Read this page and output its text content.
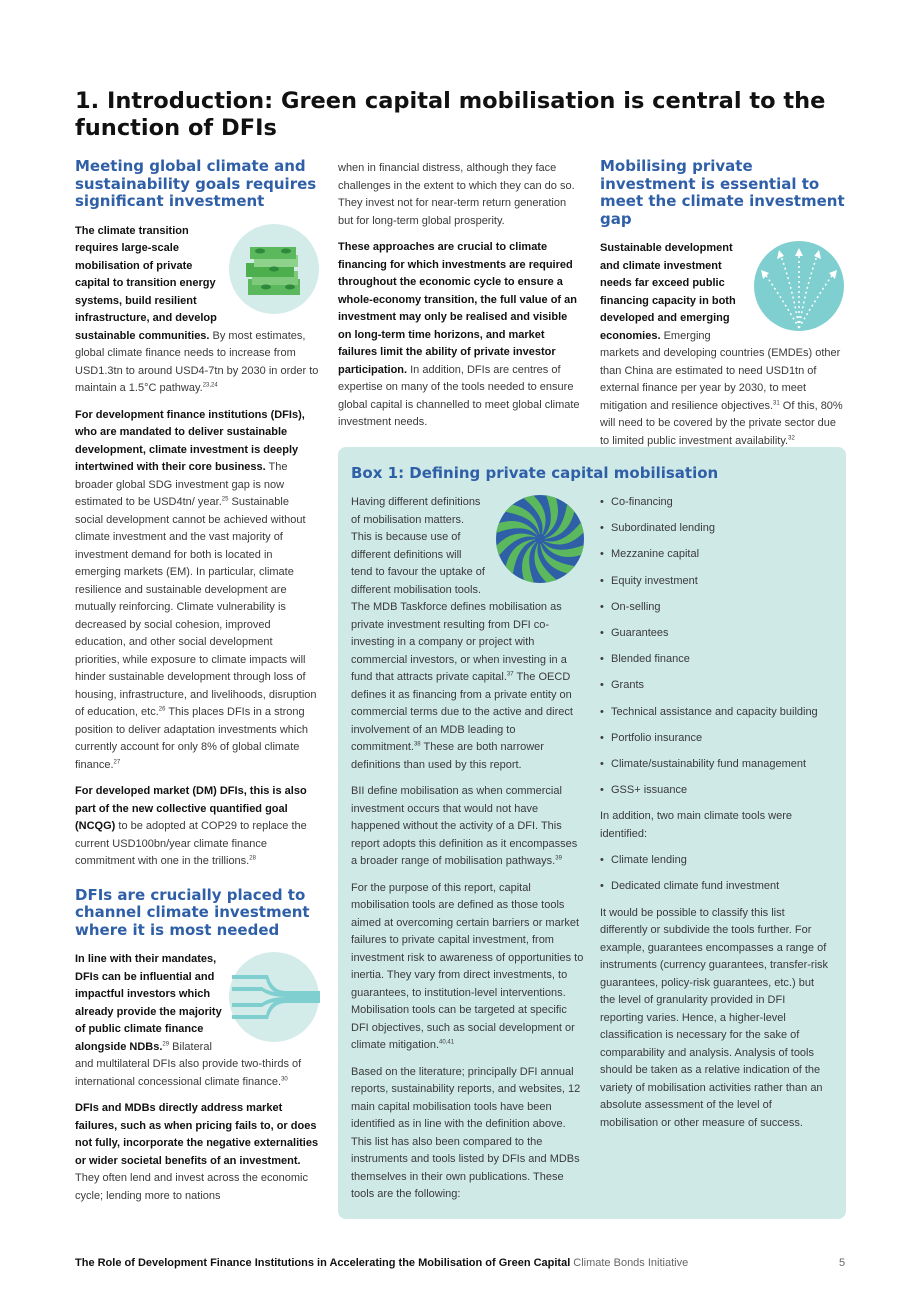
1. Introduction: Green capital mobilisation is central to the function of DFIs
Meeting global climate and sustainability goals requires significant investment

The climate transition requires large-scale mobilisation of private capital to transition energy systems, build resilient infrastructure, and develop sustainable communities. By most estimates, global climate finance needs to increase from USD1.3tn to around USD4-7tn by 2030 in order to maintain a 1.5°C pathway.$^{23,24}$

For development finance institutions (DFIs), who are mandated to deliver sustainable development, climate investment is deeply intertwined with their core business. The broader global SDG investment gap is now estimated to be USD4tn/ year.$^{25}$ Sustainable social development cannot be achieved without climate investment and the vast majority of investment demand for both is located in emerging markets (EM). In particular, climate resilience and sustainable development are mutually reinforcing. Climate vulnerability is decreased by social cohesion, improved education, and other social development priorities, while exposure to climate impacts will hinder sustainable development through loss of housing, infrastructure, and livelihoods, disruption of education, etc.$^{26}$ This places DFIs in a strong position to deliver adaptation investments which currently account for only 8% of global climate finance.$^{27}$

For developed market (DM) DFIs, this is also part of the new collective quantified goal (NCQG) to be adopted at COP29 to replace the current USD100bn/year climate finance commitment with one in the trillions.$^{28}$

DFIs are crucially placed to channel climate investment where it is most needed

In line with their mandates, DFIs can be influential and impactful investors which already provide the majority of public climate finance alongside NDBs.$^{29}$ Bilateral and multilateral DFIs also provide two-thirds of international concessional climate finance.$^{30}$

DFIs and MDBs directly address market failures, such as when pricing fails to, or does not fully, incorporate the negative externalities or wider societal benefits of an investment. They often lend and invest across the economic cycle; lending more to nations

when in financial distress, although they face challenges in the extent to which they can do so. They invest not for near-term return generation but for long-term global prosperity.

These approaches are crucial to climate financing for which investments are required throughout the economic cycle to ensure a whole-economy transition, the full value of an investment may only be realised and visible on long-term time horizons, and market failures limit the ability of private investor participation. In addition, DFIs are centres of expertise on many of the tools needed to ensure global capital is channelled to meet global climate investment needs.

Mobilising private investment is essential to meet the climate investment gap

Sustainable development and climate investment needs far exceed public financing capacity in both developed and emerging economies. Emerging markets and developing countries (EMDEs) other than China are estimated to need USD1tn of external finance per year by 2030, to meet mitigation and resilience objectives.$^{31}$ Of this, 80% will need to be covered by the private sector due to limited public investment availability.$^{32}$

Box 1: Defining private capital mobilisation

Having different definitions of mobilisation matters. This is because use of different definitions will tend to favour the uptake of different mobilisation tools. The MDB Taskforce defines mobilisation as private investment resulting from DFI co-investing in a company or project with commercial investors, or when investing in a fund that attracts private capital.$^{37}$ The OECD defines it as financing from a private entity on commercial terms due to the active and direct involvement of an MDB leading to commitment.$^{38}$ These are both narrower definitions than used by this report.

BII define mobilisation as when commercial investment occurs that would not have happened without the activity of a DFI. This report adopts this definition as it encompasses a broader range of mobilisation pathways.$^{39}$

For the purpose of this report, capital mobilisation tools are defined as those tools aimed at overcoming certain barriers or market failures to private capital investment, from investment risk to awareness of opportunities to inertia. They vary from direct investments, to guarantees, to institution-level interventions. Mobilisation tools can be targeted at specific DFI objectives, such as social development or climate mitigation.$^{40,41}$

Based on the literature; principally DFI annual reports, sustainability reports, and websites, 12 main capital mobilisation tools have been identified as in line with the definition above. This list has also been compared to the instruments and tools listed by DFIs and MDBs themselves in their own publications. These tools are the following:

• Co-financing
• Subordinated lending
• Mezzanine capital
• Equity investment
• On-selling
• Guarantees
• Blended finance
• Grants
• Technical assistance and capacity building
• Portfolio insurance
• Climate/sustainability fund management
• GSS+ issuance

In addition, two main climate tools were identified:

• Climate lending
• Dedicated climate fund investment

It would be possible to classify this list differently or subdivide the tools further. For example, guarantees encompasses a range of instruments (currency guarantees, transfer-risk guarantees, policy-risk guarantees, etc.) but the level of granularity provided in DFI reporting varies. Hence, a higher-level classification is necessary for the sake of comparability and analysis. Analysis of tools should be taken as a relative indication of the variety of mobilisation activities rather than an absolute assessment of the level of mobilisation or other measure of success.

The Role of Development Finance Institutions in Accelerating the Mobilisation of Green Capital Climate Bonds Initiative	5
